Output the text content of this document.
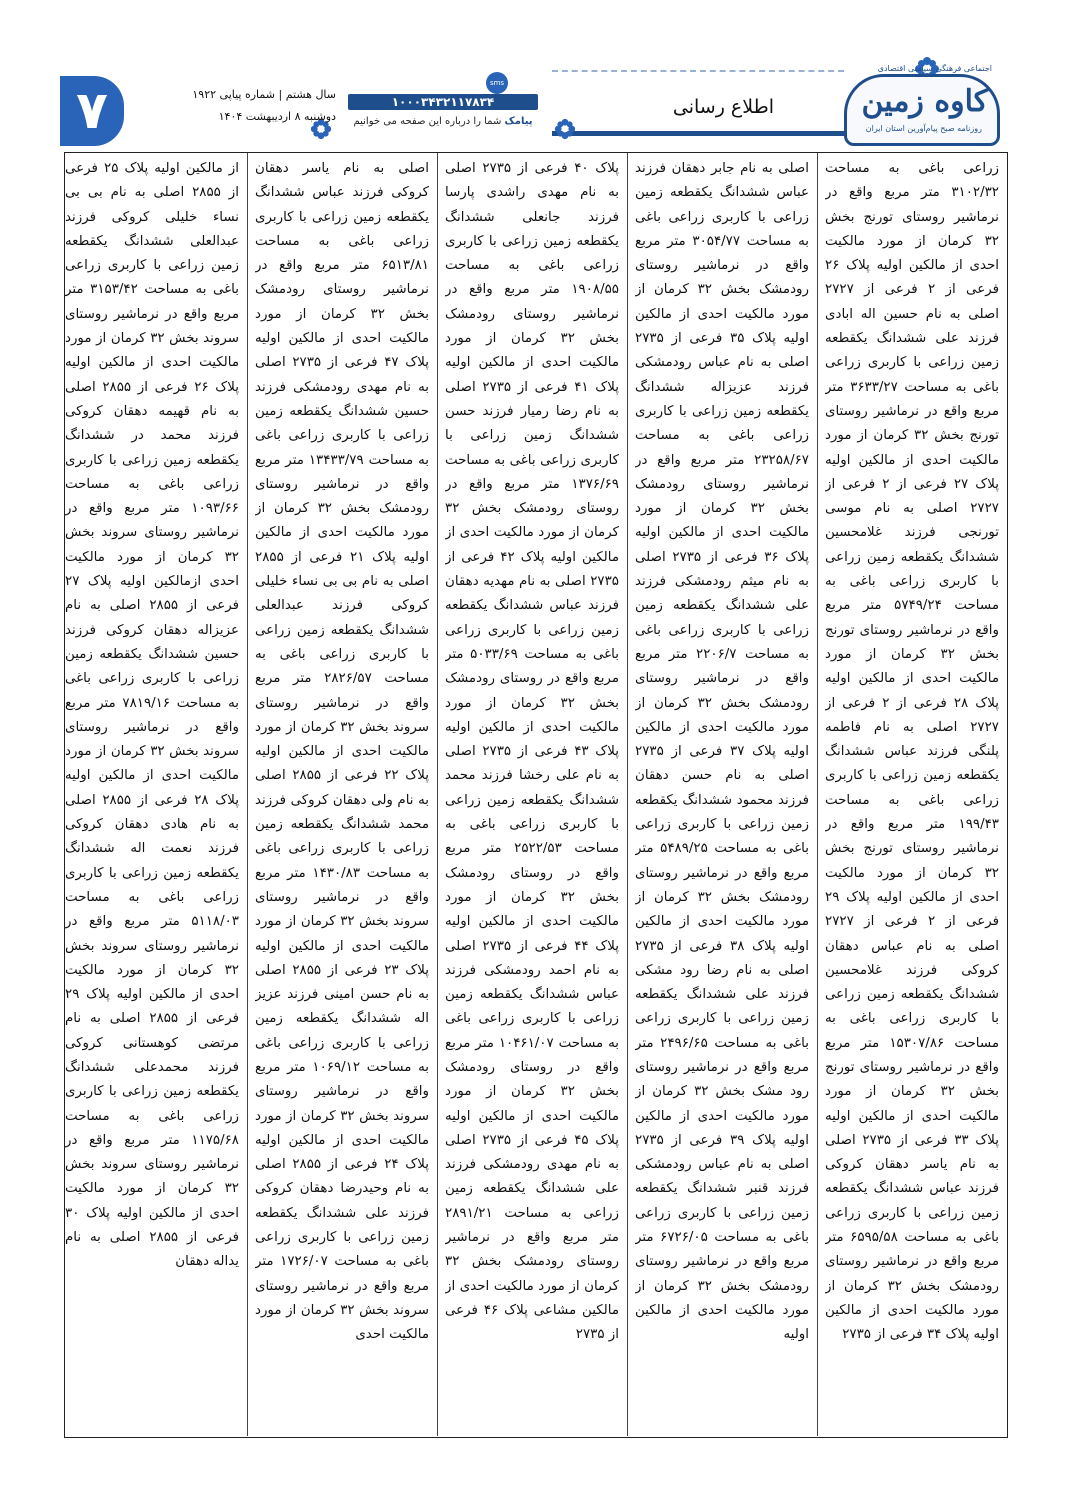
اجتماعی فرهنگی سیاسی اقتصادی
کاوه زمین
روزنامه صبح پیام‌آورین استان ایران
اطلاع رسانی
sms
۱۰۰۰۳۴۳۲۱۱۷۸۳۴
پیامک شما را درباره این صفحه می خوانیم
سال هشتم | شماره پیاپی ۱۹۲۲
دوشنبه ۸ اردیبهشت ۱۴۰۴
۷

زراعی باغی به مساحت ۳۱۰۲/۳۲ متر مربع واقع در نرماشیر روستای تورنج بخش ۳۲ کرمان از مورد مالکیت احدی از مالکین اولیه پلاک ۲۶ فرعی از ۲ فرعی از ۲۷۲۷ اصلی به نام حسین اله ابادی فرزند علی ششدانگ یکقطعه زمین زراعی با کاربری زراعی باغی به مساحت ۳۶۳۳/۲۷ متر مربع واقع در نرماشیر روستای تورنج بخش ۳۲ کرمان از مورد مالکیت احدی از مالکین اولیه پلاک ۲۷ فرعی از ۲ فرعی از ۲۷۲۷ اصلی به نام موسی تورنجی فرزند غلامحسین ششدانگ یکقطعه زمین زراعی با کاربری زراعی باغی به مساحت ۵۷۴۹/۲۴ متر مربع واقع در نرماشیر روستای تورنج بخش ۳۲ کرمان از مورد مالکیت احدی از مالکین اولیه پلاک ۲۸ فرعی از ۲ فرعی از ۲۷۲۷ اصلی به نام فاطمه پلنگی فرزند عباس ششدانگ یکقطعه زمین زراعی با کاربری زراعی باغی به مساحت ۱۹۹/۴۳ متر مربع واقع در نرماشیر روستای تورنج بخش ۳۲ کرمان از مورد مالکیت احدی از مالکین اولیه پلاک ۲۹ فرعی از ۲ فرعی از ۲۷۲۷ اصلی به نام عباس دهقان کروکی فرزند غلامحسین ششدانگ یکقطعه زمین زراعی با کاربری زراعی باغی به مساحت ۱۵۳۰۷/۸۶ متر مربع واقع در نرماشیر روستای تورنج بخش ۳۲ کرمان از مورد مالکیت احدی از مالکین اولیه پلاک ۳۳ فرعی از ۲۷۳۵ اصلی به نام یاسر دهقان کروکی فرزند عباس ششدانگ یکقطعه زمین زراعی با کاربری زراعی باغی به مساحت ۶۵۹۵/۵۸ متر مربع واقع در نرماشیر روستای رودمشک بخش ۳۲ کرمان از مورد مالکیت احدی از مالکین اولیه پلاک ۳۴ فرعی از ۲۷۳۵

اصلی به نام جابر دهقان فرزند عباس ششدانگ یکقطعه زمین زراعی با کاربری زراعی باغی به مساحت ۳۰۵۴/۷۷ متر مربع واقع در نرماشیر روستای رودمشک بخش ۳۲ کرمان از مورد مالکیت احدی از مالکین اولیه پلاک ۳۵ فرعی از ۲۷۳۵ اصلی به نام عباس رودمشکی فرزند عزیزاله ششدانگ یکقطعه زمین زراعی با کاربری زراعی باغی به مساحت ۲۳۲۵۸/۶۷ متر مربع واقع در نرماشیر روستای رودمشک بخش ۳۲ کرمان از مورد مالکیت احدی از مالکین اولیه پلاک ۳۶ فرعی از ۲۷۳۵ اصلی به نام میثم رودمشکی فرزند علی ششدانگ یکقطعه زمین زراعی با کاربری زراعی باغی به مساحت ۲۲۰۶/۷ متر مربع واقع در نرماشیر روستای رودمشک بخش ۳۲ کرمان از مورد مالکیت احدی از مالکین اولیه پلاک ۳۷ فرعی از ۲۷۳۵ اصلی به نام حسن دهقان فرزند محمود ششدانگ یکقطعه زمین زراعی با کاربری زراعی باغی به مساحت ۵۴۸۹/۲۵ متر مربع واقع در نرماشیر روستای رودمشک بخش ۳۲ کرمان از مورد مالکیت احدی از مالکین اولیه پلاک ۳۸ فرعی از ۲۷۳۵ اصلی به نام رضا رود مشکی فرزند علی ششدانگ یکقطعه زمین زراعی با کاربری زراعی باغی به مساحت ۲۴۹۶/۶۵ متر مربع واقع در نرماشیر روستای رود مشک بخش ۳۲ کرمان از مورد مالکیت احدی از مالکین اولیه پلاک ۳۹ فرعی از ۲۷۳۵ اصلی به نام عباس رودمشکی فرزند قنبر ششدانگ یکقطعه زمین زراعی با کاربری زراعی باغی به مساحت ۶۷۲۶/۰۵ متر مربع واقع در نرماشیر روستای رودمشک بخش ۳۲ کرمان از مورد مالکیت احدی از مالکین اولیه

پلاک ۴۰ فرعی از ۲۷۳۵ اصلی به نام مهدی راشدی پارسا فرزند جانعلی ششدانگ یکقطعه زمین زراعی با کاربری زراعی باغی به مساحت ۱۹۰۸/۵۵ متر مربع واقع در نرماشیر روستای رودمشک بخش ۳۲ کرمان از مورد مالکیت احدی از مالکین اولیه پلاک ۴۱ فرعی از ۲۷۳۵ اصلی به نام رضا رمیار فرزند حسن ششدانگ زمین زراعی با کاربری زراعی باغی به مساحت ۱۳۷۶/۶۹ متر مربع واقع در روستای رودمشک بخش ۳۲ کرمان از مورد مالکیت احدی از مالکین اولیه پلاک ۴۲ فرعی از ۲۷۳۵ اصلی به نام مهدیه دهقان فرزند عباس ششدانگ یکقطعه زمین زراعی با کاربری زراعی باغی به مساحت ۵۰۳۳/۶۹ متر مربع واقع در روستای رودمشک بخش ۳۲ کرمان از مورد مالکیت احدی از مالکین اولیه پلاک ۴۳ فرعی از ۲۷۳۵ اصلی به نام علی رخشا فرزند محمد ششدانگ یکقطعه زمین زراعی با کاربری زراعی باغی به مساحت ۲۵۲۲/۵۳ متر مربع واقع در روستای رودمشک بخش ۳۲ کرمان از مورد مالکیت احدی از مالکین اولیه پلاک ۴۴ فرعی از ۲۷۳۵ اصلی به نام احمد رودمشکی فرزند عباس ششدانگ یکقطعه زمین زراعی با کاربری زراعی باغی به مساحت ۱۰۴۶۱/۰۷ متر مربع واقع در روستای رودمشک بخش ۳۲ کرمان از مورد مالکیت احدی از مالکین اولیه پلاک ۴۵ فرعی از ۲۷۳۵ اصلی به نام مهدی رودمشکی فرزند علی ششدانگ یکقطعه زمین زراعی به مساحت ۲۸۹۱/۲۱ متر مربع واقع در نرماشیر روستای رودمشک بخش ۳۲ کرمان از مورد مالکیت احدی از مالکین مشاعی پلاک ۴۶ فرعی از ۲۷۳۵

اصلی به نام یاسر دهقان کروکی فرزند عباس ششدانگ یکقطعه زمین زراعی با کاربری زراعی باغی به مساحت ۶۵۱۳/۸۱ متر مربع واقع در نرماشیر روستای رودمشک بخش ۳۲ کرمان از مورد مالکیت احدی از مالکین اولیه پلاک ۴۷ فرعی از ۲۷۳۵ اصلی به نام مهدی رودمشکی فرزند حسین ششدانگ یکقطعه زمین زراعی با کاربری زراعی باغی به مساحت ۱۳۴۳۳/۷۹ متر مربع واقع در نرماشیر روستای رودمشک بخش ۳۲ کرمان از مورد مالکیت احدی از مالکین اولیه پلاک ۲۱ فرعی از ۲۸۵۵ اصلی به نام بی بی نساء خلیلی کروکی فرزند عبدالعلی ششدانگ یکقطعه زمین زراعی با کاربری زراعی باغی به مساحت ۲۸۲۶/۵۷ متر مربع واقع در نرماشیر روستای سروند بخش ۳۲ کرمان از مورد مالکیت احدی از مالکین اولیه پلاک ۲۲ فرعی از ۲۸۵۵ اصلی به نام ولی دهقان کروکی فرزند محمد ششدانگ یکقطعه زمین زراعی با کاربری زراعی باغی به مساحت ۱۴۳۰/۸۳ متر مربع واقع در نرماشیر روستای سروند بخش ۳۲ کرمان از مورد مالکیت احدی از مالکین اولیه پلاک ۲۳ فرعی از ۲۸۵۵ اصلی به نام حسن امینی فرزند عزیز اله ششدانگ یکقطعه زمین زراعی با کاربری زراعی باغی به مساحت ۱۰۶۹/۱۲ متر مربع واقع در نرماشیر روستای سروند بخش ۳۲ کرمان از مورد مالکیت احدی از مالکین اولیه پلاک ۲۴ فرعی از ۲۸۵۵ اصلی به نام وحیدرضا دهقان کروکی فرزند علی ششدانگ یکقطعه زمین زراعی با کاربری زراعی باغی به مساحت ۱۷۲۶/۰۷ متر مربع واقع در نرماشیر روستای سروند بخش ۳۲ کرمان از مورد مالکیت احدی

از مالکین اولیه پلاک ۲۵ فرعی از ۲۸۵۵ اصلی به نام بی بی نساء خلیلی کروکی فرزند عبدالعلی ششدانگ یکقطعه زمین زراعی با کاربری زراعی باغی به مساحت ۳۱۵۳/۴۲ متر مربع واقع در نرماشیر روستای سروند بخش ۳۲ کرمان از مورد مالکیت احدی از مالکین اولیه پلاک ۲۶ فرعی از ۲۸۵۵ اصلی به نام قهیمه دهقان کروکی فرزند محمد در ششدانگ یکقطعه زمین زراعی با کاربری زراعی باغی به مساحت ۱۰۹۳/۶۶ متر مربع واقع در نرماشیر روستای سروند بخش ۳۲ کرمان از مورد مالکیت احدی ازمالکین اولیه پلاک ۲۷ فرعی از ۲۸۵۵ اصلی به نام عزیزاله دهقان کروکی فرزند حسین ششدانگ یکقطعه زمین زراعی با کاربری زراعی باغی به مساحت ۷۸۱۹/۱۶ متر مربع واقع در نرماشیر روستای سروند بخش ۳۲ کرمان از مورد مالکیت احدی از مالکین اولیه پلاک ۲۸ فرعی از ۲۸۵۵ اصلی به نام هادی دهقان کروکی فرزند نعمت اله ششدانگ یکقطعه زمین زراعی با کاربری زراعی باغی به مساحت ۵۱۱۸/۰۳ متر مربع واقع در نرماشیر روستای سروند بخش ۳۲ کرمان از مورد مالکیت احدی از مالکین اولیه پلاک ۲۹ فرعی از ۲۸۵۵ اصلی به نام مرتضی کوهستانی کروکی فرزند محمدعلی ششدانگ یکقطعه زمین زراعی با کاربری زراعی باغی به مساحت ۱۱۷۵/۶۸ متر مربع واقع در نرماشیر روستای سروند بخش ۳۲ کرمان از مورد مالکیت احدی از مالکین اولیه پلاک ۳۰ فرعی از ۲۸۵۵ اصلی به نام یداله دهقان
